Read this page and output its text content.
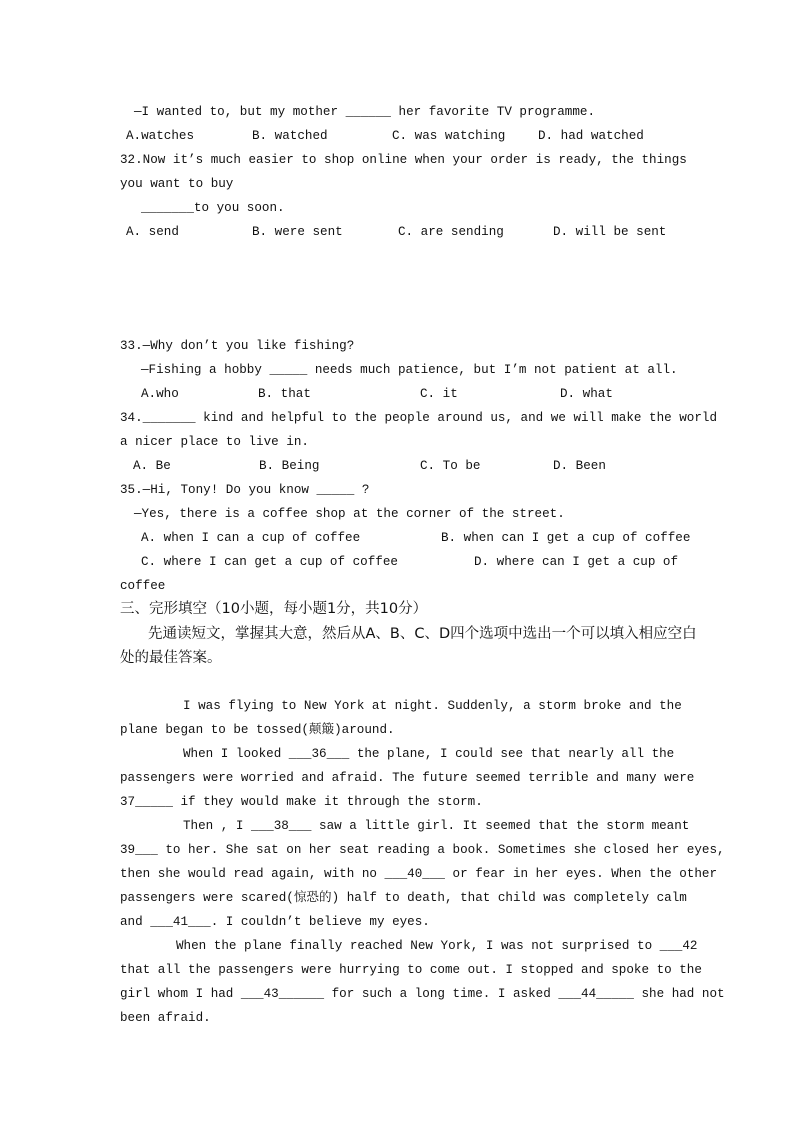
—I wanted to, but my mother ______ her favorite TV programme.
A.watches	B. watched	C. was watching	D. had watched
32.Now it’s much easier to shop online when your order is ready, the things
you want to buy
_______to you soon.
A. send	B. were sent	C. are sending	D. will be sent
33.—Why don’t you like fishing?
—Fishing a hobby _____ needs much patience, but I’m not patient at all.
A.who	B. that	C. it	D. what
34._______ kind and helpful to the people around us, and we will make the world
a nicer place to live in.
A. Be	B. Being	C. To be	D. Been
35.—Hi, Tony! Do you know _____ ?
—Yes, there is a coffee shop at the corner of the street.
A. when I can a cup of coffee	B. when can I get a cup of coffee
C. where I can get a cup of coffee	D. where can I get a cup of
coffee
三、完形填空（10小题，每小题1分，共10分）
先通读短文，掌握其大意，然后从A、B、C、D四个选项中选出一个可以填入相应空白
处的最佳答案。
I was flying to New York at night. Suddenly, a storm broke and the
plane began to be tossed(颠簸)around.
When I looked ___36___ the plane, I could see that nearly all the
passengers were worried and afraid. The future seemed terrible and many were
37_____ if they would make it through the storm.
Then , I ___38___ saw a little girl. It seemed that the storm meant
39___ to her. She sat on her seat reading a book. Sometimes she closed her eyes,
then she would read again, with no ___40___ or fear in her eyes. When the other
passengers were scared(惊恐的) half to death, that child was completely calm
and ___41___. I couldn’t believe my eyes.
When the plane finally reached New York, I was not surprised to ___42
that all the passengers were hurrying to come out. I stopped and spoke to the
girl whom I had ___43______ for such a long time. I asked ___44_____ she had not
been afraid.
